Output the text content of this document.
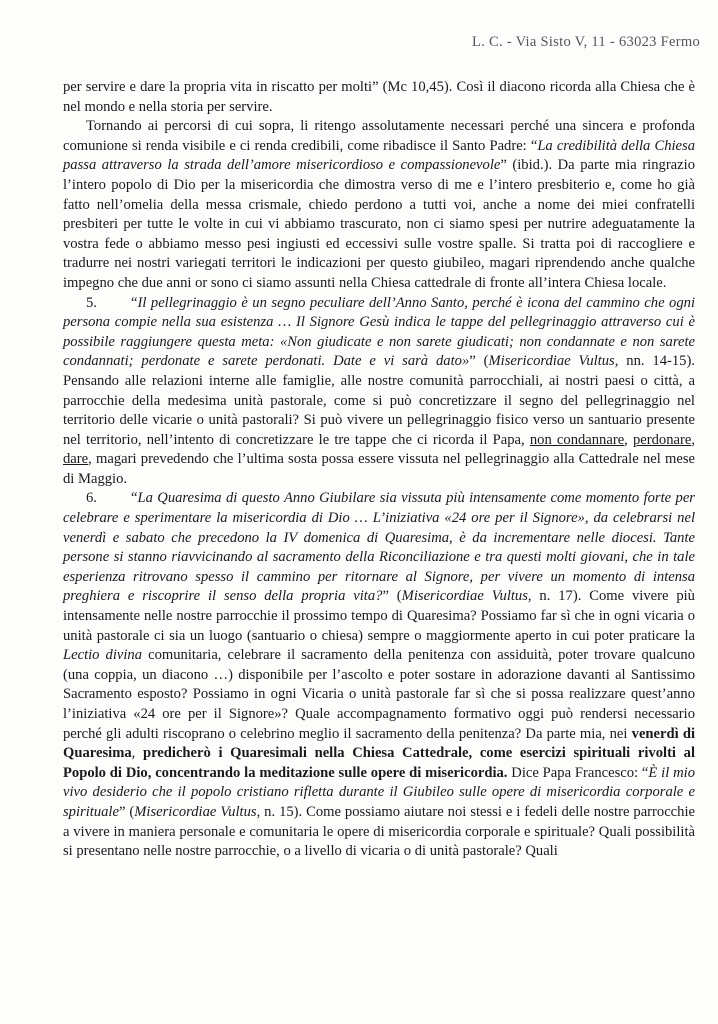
L. C. - Via Sisto V, 11 - 63023 Fermo

per servire e dare la propria vita in riscatto per molti” (Mc 10,45). Così il diacono ricorda alla Chiesa che è nel mondo e nella storia per servire.

Tornando ai percorsi di cui sopra, li ritengo assolutamente necessari perché una sincera e profonda comunione si renda visibile e ci renda credibili, come ribadisce il Santo Padre: “La credibilità della Chiesa passa attraverso la strada dell’amore misericordioso e compassionevole” (ibid.). Da parte mia ringrazio l’intero popolo di Dio per la misericordia che dimostra verso di me e l’intero presbiterio e, come ho già fatto nell’omelia della messa crismale, chiedo perdono a tutti voi, anche a nome dei miei confratelli presbiteri per tutte le volte in cui vi abbiamo trascurato, non ci siamo spesi per nutrire adeguatamente la vostra fede o abbiamo messo pesi ingiusti ed eccessivi sulle vostre spalle. Si tratta poi di raccogliere e tradurre nei nostri variegati territori le indicazioni per questo giubileo, magari riprendendo anche qualche impegno che due anni or sono ci siamo assunti nella Chiesa cattedrale di fronte all’intera Chiesa locale.

5. “Il pellegrinaggio è un segno peculiare dell’Anno Santo, perché è icona del cammino che ogni persona compie nella sua esistenza … Il Signore Gesù indica le tappe del pellegrinaggio attraverso cui è possibile raggiungere questa meta: «Non giudicate e non sarete giudicati; non condannate e non sarete condannati; perdonate e sarete perdonati. Date e vi sarà dato»” (Misericordiae Vultus, nn. 14-15). Pensando alle relazioni interne alle famiglie, alle nostre comunità parrocchiali, ai nostri paesi o città, a parrocchie della medesima unità pastorale, come si può concretizzare il segno del pellegrinaggio nel territorio delle vicarie o unità pastorali? Si può vivere un pellegrinaggio fisico verso un santuario presente nel territorio, nell’intento di concretizzare le tre tappe che ci ricorda il Papa, non condannare, perdonare, dare, magari prevedendo che l’ultima sosta possa essere vissuta nel pellegrinaggio alla Cattedrale nel mese di Maggio.

6. “La Quaresima di questo Anno Giubilare sia vissuta più intensamente come momento forte per celebrare e sperimentare la misericordia di Dio … L’iniziativa «24 ore per il Signore», da celebrarsi nel venerdì e sabato che precedono la IV domenica di Quaresima, è da incrementare nelle diocesi. Tante persone si stanno riavvicinando al sacramento della Riconciliazione e tra questi molti giovani, che in tale esperienza ritrovano spesso il cammino per ritornare al Signore, per vivere un momento di intensa preghiera e riscoprire il senso della propria vita?” (Misericordiae Vultus, n. 17). Come vivere più intensamente nelle nostre parrocchie il prossimo tempo di Quaresima? Possiamo far sì che in ogni vicaria o unità pastorale ci sia un luogo (santuario o chiesa) sempre o maggiormente aperto in cui poter praticare la Lectio divina comunitaria, celebrare il sacramento della penitenza con assiduità, poter trovare qualcuno (una coppia, un diacono …) disponibile per l’ascolto e poter sostare in adorazione davanti al Santissimo Sacramento esposto? Possiamo in ogni Vicaria o unità pastorale far sì che si possa realizzare quest’anno l’iniziativa «24 ore per il Signore»? Quale accompagnamento formativo oggi può rendersi necessario perché gli adulti riscoprano o celebrino meglio il sacramento della penitenza? Da parte mia, nei venerdì di Quaresima, predicherò i Quaresimali nella Chiesa Cattedrale, come esercizi spirituali rivolti al Popolo di Dio, concentrando la meditazione sulle opere di misericordia. Dice Papa Francesco: “È il mio vivo desiderio che il popolo cristiano rifletta durante il Giubileo sulle opere di misericordia corporale e spirituale” (Misericordiae Vultus, n. 15). Come possiamo aiutare noi stessi e i fedeli delle nostre parrocchie a vivere in maniera personale e comunitaria le opere di misericordia corporale e spirituale? Quali possibilità si presentano nelle nostre parrocchie, o a livello di vicaria o di unità pastorale? Quali
